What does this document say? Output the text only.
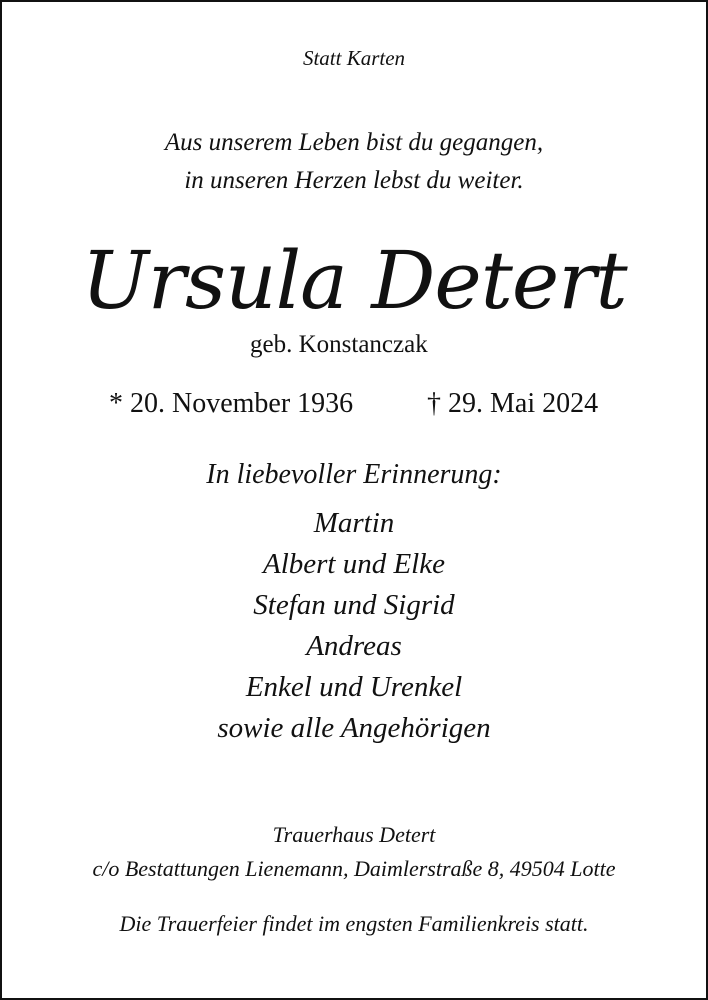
Statt Karten
Aus unserem Leben bist du gegangen,
in unseren Herzen lebst du weiter.
Ursula Detert
geb. Konstanczak
* 20. November 1936	† 29. Mai 2024
In liebevoller Erinnerung:
Martin
Albert und Elke
Stefan und Sigrid
Andreas
Enkel und Urenkel
sowie alle Angehörigen
Trauerhaus Detert
c/o Bestattungen Lienemann, Daimlerstraße 8, 49504 Lotte
Die Trauerfeier findet im engsten Familienkreis statt.
